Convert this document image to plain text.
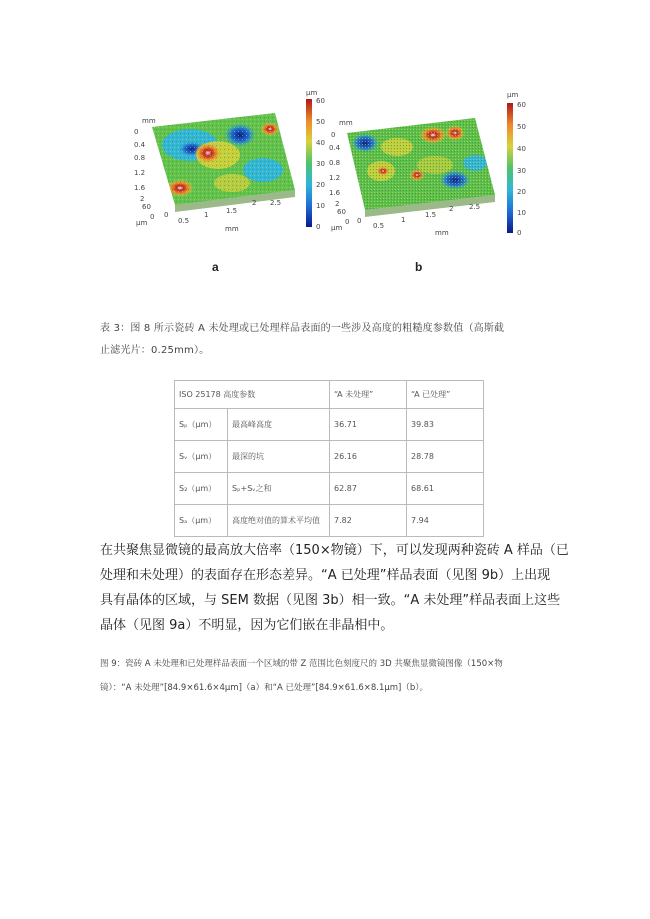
μm
60
50
40
30
20
10
0
mm
0
0.4
0.8
1.2
1.6
2
60
0
μm
0
0.5
1	1.5
2 2.5
mm
a
μm
60
50
40
30
20
10
0
mm
0
0.4
0.8
1.2
1.6
2
60
0
μm
0
0.5
1
1.5
2 2.5
mm
b
表 3：图 8 所示瓷砖 A 未处理或已处理样品表面的一些涉及高度的粗糙度参数值（高斯截
止滤光片：0.25mm）。
ISO 25178 高度参数		“A 未处理”	“A 已处理”
Sₚ（μm）	最高峰高度	36.71	39.83
Sᵥ（μm）	最深的坑	26.16	28.78
S₂（μm）	Sₚ+Sᵥ之和	62.87	68.61
Sₐ（μm）	高度绝对值的算术平均值	7.82	7.94
在共聚焦显微镜的最高放大倍率（150×物镜）下，可以发现两种瓷砖 A 样品（已
处理和未处理）的表面存在形态差异。“A 已处理”样品表面（见图 9b）上出现
具有晶体的区域，与 SEM 数据（见图 3b）相一致。“A 未处理”样品表面上这些
晶体（见图 9a）不明显，因为它们嵌在非晶相中。
图 9：瓷砖 A 未处理和已处理样品表面一个区域的带 Z 范围比色刻度尺的 3D 共聚焦显微镜图像（150×物
镜）：“A 未处理”[84.9×61.6×4μm]（a）和“A 已处理”[84.9×61.6×8.1μm]（b）。
